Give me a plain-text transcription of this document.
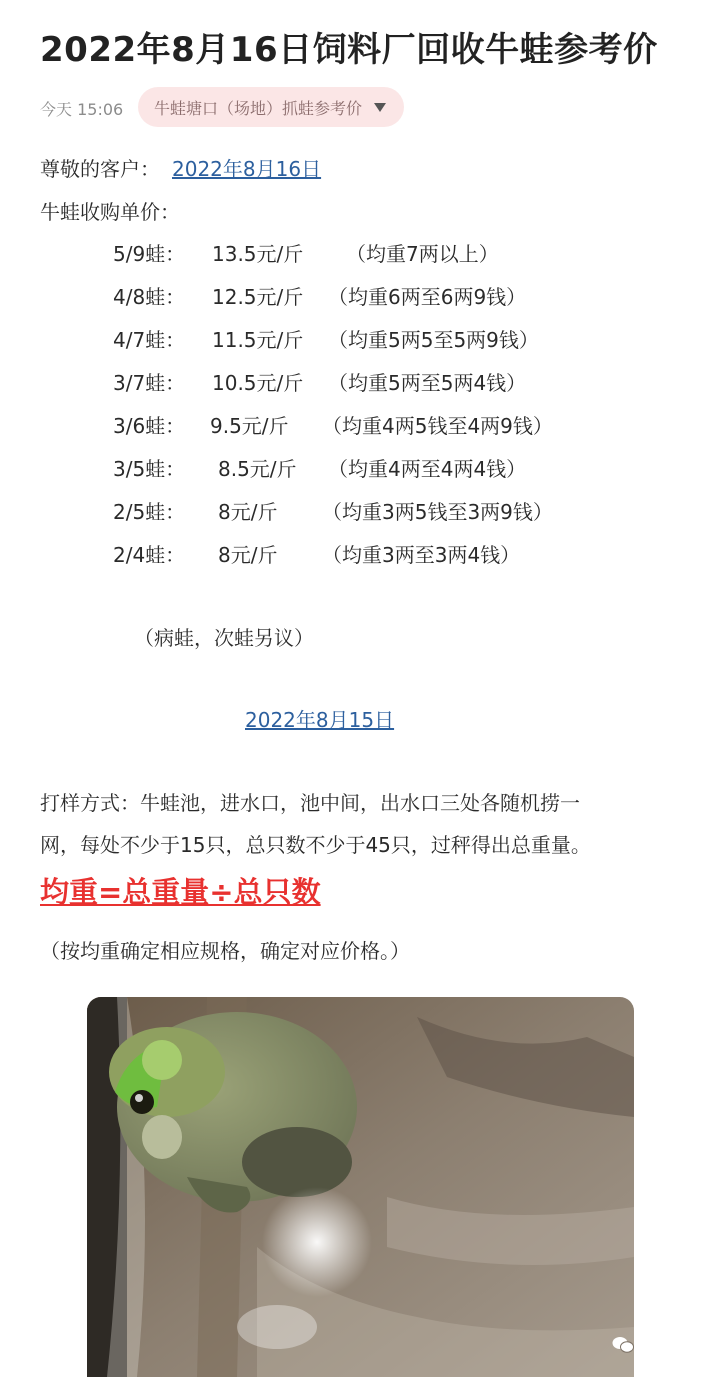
2022年8月16日饲料厂回收牛蛙参考价
今天 15:06 牛蛙塘口（场地）抓蛙参考价
尊敬的客户： 2022年8月16日
牛蛙收购单价：
5/9蛙： 13.5元/斤 （均重7两以上）
4/8蛙： 12.5元/斤 （均重6两至6两9钱）
4/7蛙： 11.5元/斤 （均重5两5至5两9钱）
3/7蛙： 10.5元/斤 （均重5两至5两4钱）
3/6蛙： 9.5元/斤 （均重4两5钱至4两9钱）
3/5蛙： 8.5元/斤 （均重4两至4两4钱）
2/5蛙： 8元/斤 （均重3两5钱至3两9钱）
2/4蛙： 8元/斤 （均重3两至3两4钱）
（病蛙，次蛙另议）
2022年8月15日
打样方式：牛蛙池，进水口，池中间，出水口三处各随机捞一
网，每处不少于15只，总只数不少于45只，过秤得出总重量。
均重=总重量÷总只数
（按均重确定相应规格，确定对应价格。）
牛蛙通
